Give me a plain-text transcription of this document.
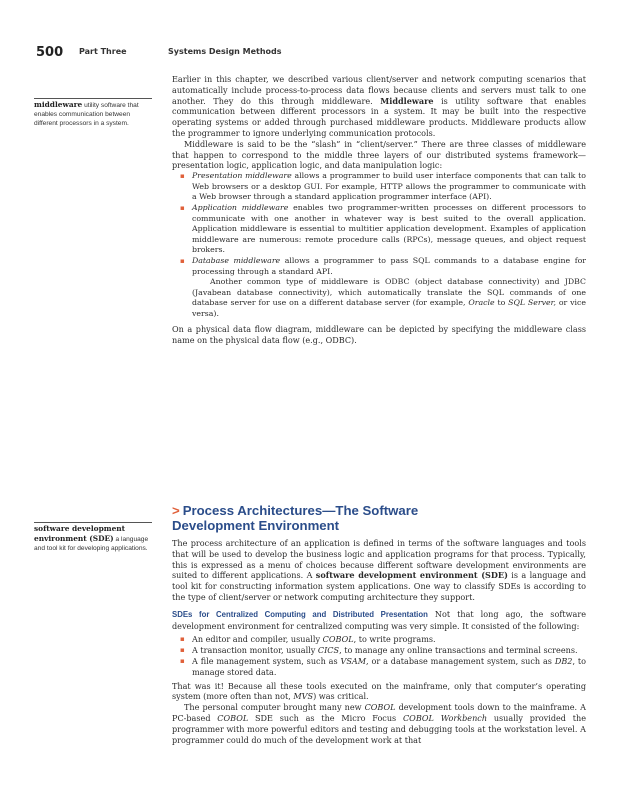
500 Part Three	Systems Design Methods
middleware utility software that enables communication between different processors in a system.
software development environment (SDE) a language and tool kit for developing applications.

Earlier in this chapter, we described various client/server and network computing scenarios that automatically include process-to-process data flows because clients and servers must talk to one another. They do this through middleware. Middleware is utility software that enables communication between different processors in a system. It may be built into the respective operating systems or added through purchased middleware products. Middleware products allow the programmer to ignore underlying communication protocols.

Middleware is said to be the “slash” in “client/server.” There are three classes of middleware that happen to correspond to the middle three layers of our distributed systems framework—presentation logic, application logic, and data manipulation logic:

▪ Presentation middleware allows a programmer to build user interface components that can talk to Web browsers or a desktop GUI. For example, HTTP allows the programmer to communicate with a Web browser through a standard application programmer interface (API).
▪ Application middleware enables two programmer-written processes on different processors to communicate with one another in whatever way is best suited to the overall application. Application middleware is essential to multitier application development. Examples of application middleware are numerous: remote procedure calls (RPCs), message queues, and object request brokers.
▪ Database middleware allows a programmer to pass SQL commands to a database engine for processing through a standard API.

Another common type of middleware is ODBC (object database connectivity) and JDBC (Javabean database connectivity), which automatically translate the SQL commands of one database server for use on a different database server (for example, Oracle to SQL Server, or vice versa).

On a physical data flow diagram, middleware can be depicted by specifying the middleware class name on the physical data flow (e.g., ODBC).

> Process Architectures—The Software Development Environment

The process architecture of an application is defined in terms of the software languages and tools that will be used to develop the business logic and application programs for that process. Typically, this is expressed as a menu of choices because different software development environments are suited to different applications. A software development environment (SDE) is a language and tool kit for constructing information system applications. One way to classify SDEs is according to the type of client/server or network computing architecture they support.

SDEs for Centralized Computing and Distributed Presentation Not that long ago, the software development environment for centralized computing was very simple. It consisted of the following:

▪ An editor and compiler, usually COBOL, to write programs.
▪ A transaction monitor, usually CICS, to manage any online transactions and terminal screens.
▪ A file management system, such as VSAM, or a database management system, such as DB2, to manage stored data.

That was it! Because all these tools executed on the mainframe, only that computer’s operating system (more often than not, MVS) was critical.

The personal computer brought many new COBOL development tools down to the mainframe. A PC-based COBOL SDE such as the Micro Focus COBOL Workbench usually provided the programmer with more powerful editors and testing and debugging tools at the workstation level. A programmer could do much of the development work at that
